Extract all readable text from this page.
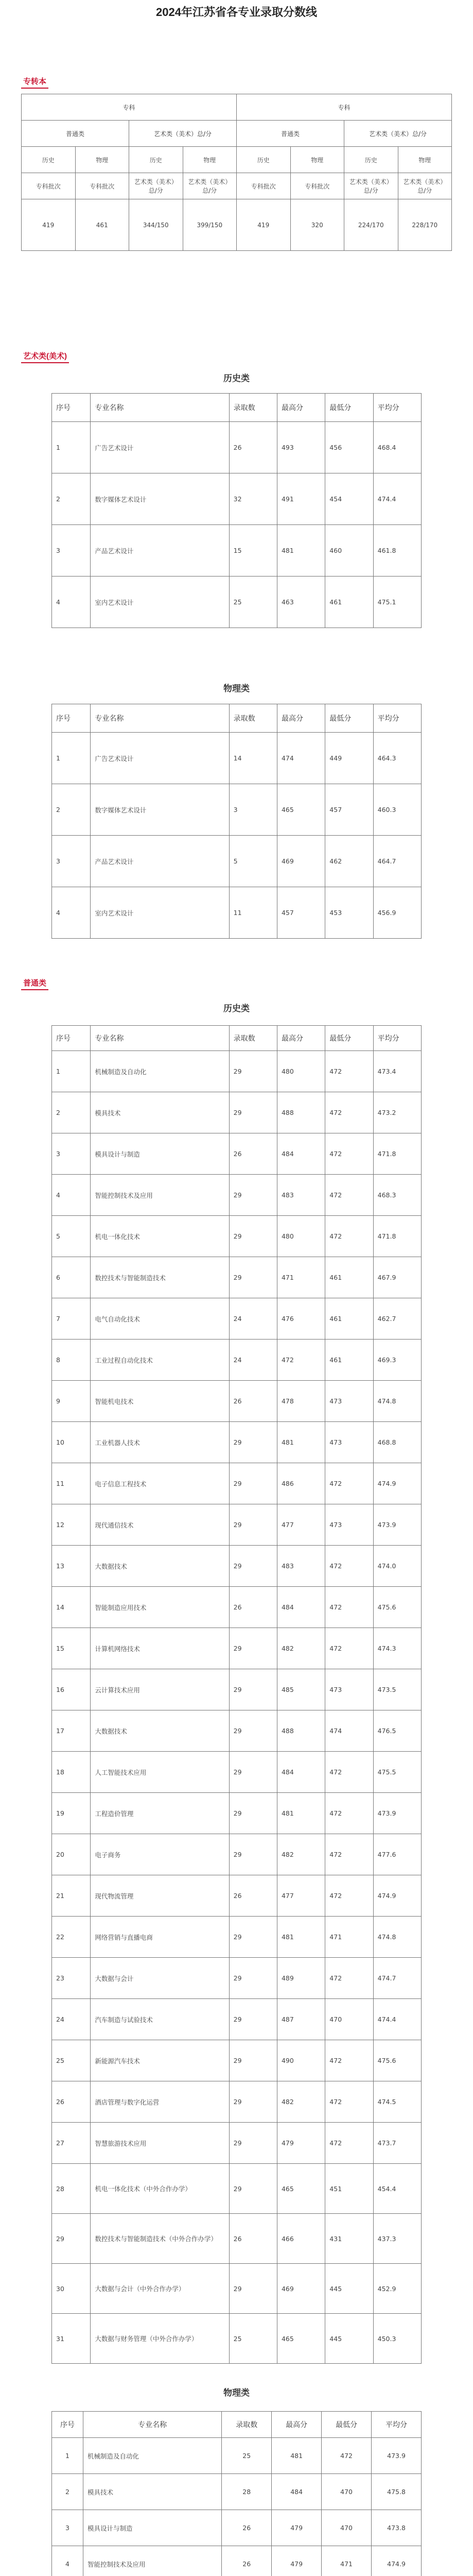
2024年江苏省各专业录取分数线
专转本
专科				专科			
普通类		艺术类（美术）总/分		普通类		艺术类（美术）总/分	
历史	物理	历史	物理	历史	物理	历史	物理
专科批次	专科批次	艺术类（美术）总/分	艺术类（美术）总/分	专科批次	专科批次	艺术类（美术）总/分	艺术类（美术）总/分
419	461	344/150	399/150	419	320	224/170	228/170
艺术类(美术)
历史类
序号	专业名称	录取数	最高分	最低分	平均分
1	广告艺术设计	26	493	456	468.4
2	数字媒体艺术设计	32	491	454	474.4
3	产品艺术设计	15	481	460	461.8
4	室内艺术设计	25	463	461	475.1
物理类
序号	专业名称	录取数	最高分	最低分	平均分
1	广告艺术设计	14	474	449	464.3
2	数字媒体艺术设计	3	465	457	460.3
3	产品艺术设计	5	469	462	464.7
4	室内艺术设计	11	457	453	456.9
普通类
历史类
序号	专业名称	录取数	最高分	最低分	平均分
1	机械制造及自动化	29	480	472	473.4
2	模具技术	29	488	472	473.2
3	模具设计与制造	26	484	472	471.8
4	智能控制技术及应用	29	483	472	468.3
5	机电一体化技术	29	480	472	471.8
6	数控技术与智能制造技术	29	471	461	467.9
7	电气自动化技术	24	476	461	462.7
8	工业过程自动化技术	24	472	461	469.3
9	智能机电技术	26	478	473	474.8
10	工业机器人技术	29	481	473	468.8
11	电子信息工程技术	29	486	472	474.9
12	现代通信技术	29	477	473	473.9
13	大数据技术	29	483	472	474.0
14	智能制造应用技术	26	484	472	475.6
15	计算机网络技术	29	482	472	474.3
16	云计算技术应用	29	485	473	473.5
17	大数据技术	29	488	474	476.5
18	人工智能技术应用	29	484	472	475.5
19	工程造价管理	29	481	472	473.9
20	电子商务	29	482	472	477.6
21	现代物流管理	26	477	472	474.9
22	网络营销与直播电商	29	481	471	474.8
23	大数据与会计	29	489	472	474.7
24	汽车制造与试验技术	29	487	470	474.4
25	新能源汽车技术	29	490	472	475.6
26	酒店管理与数字化运营	29	482	472	474.5
27	智慧旅游技术应用	29	479	472	473.7
28	机电一体化技术（中外合作办学）	29	465	451	454.4
29	数控技术与智能制造技术（中外合作办学）	26	466	431	437.3
30	大数据与会计（中外合作办学）	29	469	445	452.9
31	大数据与财务管理（中外合作办学）	25	465	445	450.3
物理类
序号	专业名称	录取数	最高分	最低分	平均分
1	机械制造及自动化	25	481	472	473.9
2	模具技术	28	484	470	475.8
3	模具设计与制造	26	479	470	473.8
4	智能控制技术及应用	26	479	471	474.9
